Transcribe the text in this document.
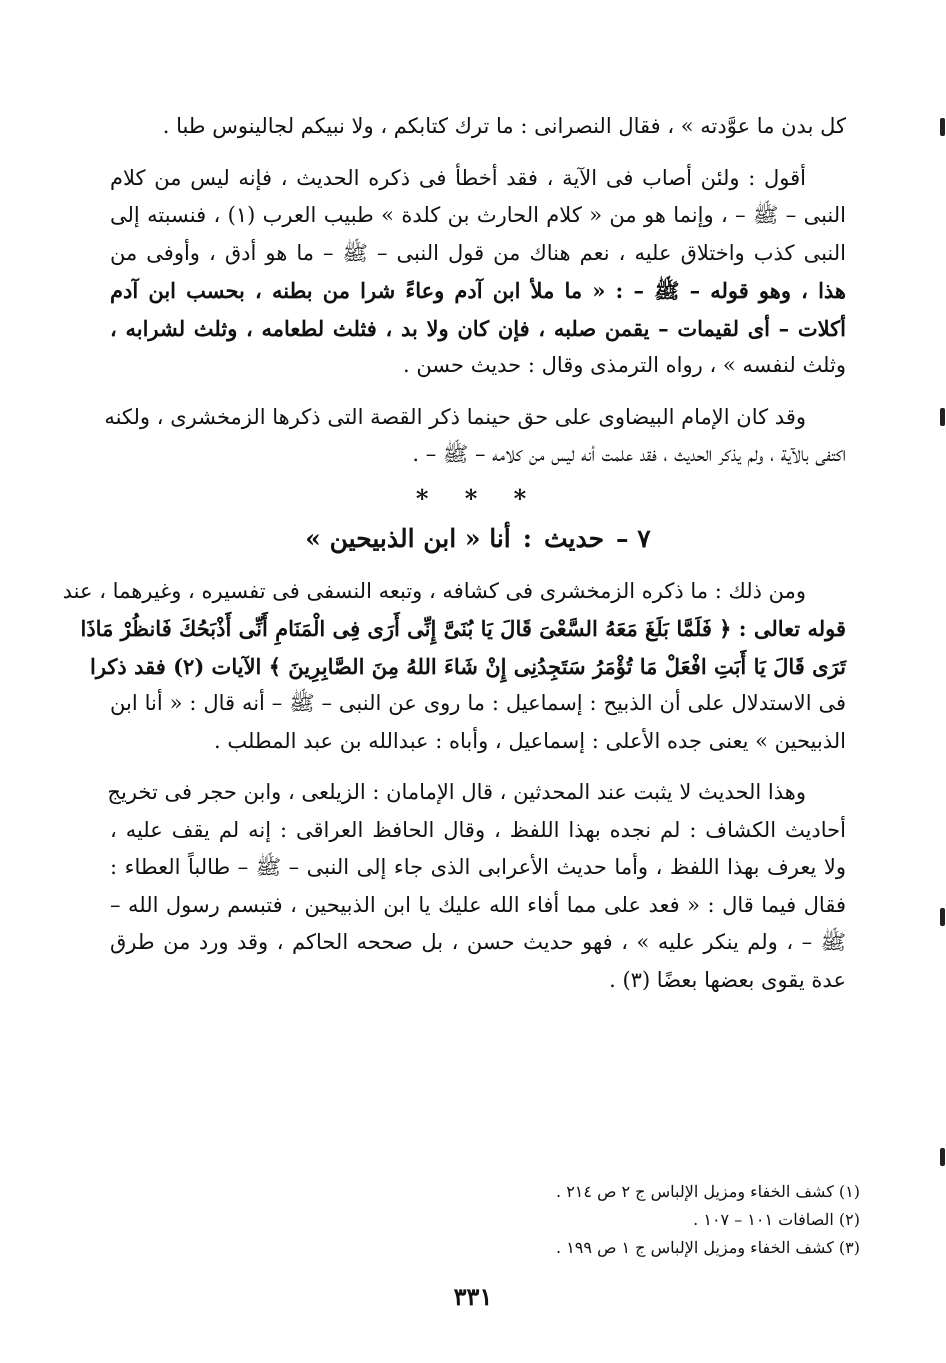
كل بدن ما عوَّدته » ، فقال النصرانى : ما ترك كتابكم ، ولا نبيكم لجالينوس طبا .

أقول : ولئن أصاب فى الآية ، فقد أخطأ فى ذكره الحديث ، فإنه ليس من كلام

النبى – ﷺ – ، وإنما هو من « كلام الحارث بن كلدة » طبيب العرب (١) ، فنسبته إلى

النبى كذب واختلاق عليه ، نعم هناك من قول النبى – ﷺ – ما هو أدق ، وأوفى من

هذا ، وهو قوله – ﷺ – : « ما ملأ ابن آدم وعاءً شرا من بطنه ، بحسب ابن آدم

أكلات – أى لقيمات – يقمن صلبه ، فإن كان ولا بد ، فثلث لطعامه ، وثلث لشرابه ،

وثلث لنفسه » ، رواه الترمذى وقال : حديث حسن .

وقد كان الإمام البيضاوى على حق حينما ذكر القصة التى ذكرها الزمخشرى ، ولكنه

اكتفى بالآية ، ولم يذكر الحديث ، فقد علمت أنه ليس من كلامه – ﷺ – .

* * *
٧ –حديث:أنا « ابن الذبيحين »

ومن ذلك : ما ذكره الزمخشرى فى كشافه ، وتبعه النسفى فى تفسيره ، وغيرهما ، عند

قوله تعالى : ﴿ فَلَمَّا بَلَغَ مَعَهُ السَّعْىَ قَالَ يَا بُنَىَّ إِنِّى أَرَى فِى الْمَنَامِ أَنِّى أَذْبَحُكَ فَانظُرْ مَاذَا

تَرَى قَالَ يَا أَبَتِ افْعَلْ مَا تُؤْمَرُ سَتَجِدُنِى إِنْ شَاءَ اللهُ مِنَ الصَّابِرِينَ ﴾ الآيات (٢) فقد ذكرا

فى الاستدلال على أن الذبيح : إسماعيل : ما روى عن النبى – ﷺ – أنه قال : « أنا ابن

الذبيحين » يعنى جده الأعلى : إسماعيل ، وأباه : عبدالله بن عبد المطلب .

وهذا الحديث لا يثبت عند المحدثين ، قال الإمامان : الزيلعى ، وابن حجر فى تخريج

أحاديث الكشاف : لم نجده بهذا اللفظ ، وقال الحافظ العراقى : إنه لم يقف عليه ،

ولا يعرف بهذا اللفظ ، وأما حديث الأعرابى الذى جاء إلى النبى – ﷺ – طالباً العطاء :

فقال فيما قال : « فعد على مما أفاء الله عليك يا ابن الذبيحين ، فتبسم رسول الله –

ﷺ – ، ولم ينكر عليه » ، فهو حديث حسن ، بل صححه الحاكم ، وقد ورد من طرق

عدة يقوى بعضها بعضًا (٣) .

(١) كشف الخفاء ومزيل الإلباس ج ٢ ص ٢١٤ .

(٢) الصافات ١٠١ – ١٠٧ .

(٣) كشف الخفاء ومزيل الإلباس ج ١ ص ١٩٩ .

٣٣١
